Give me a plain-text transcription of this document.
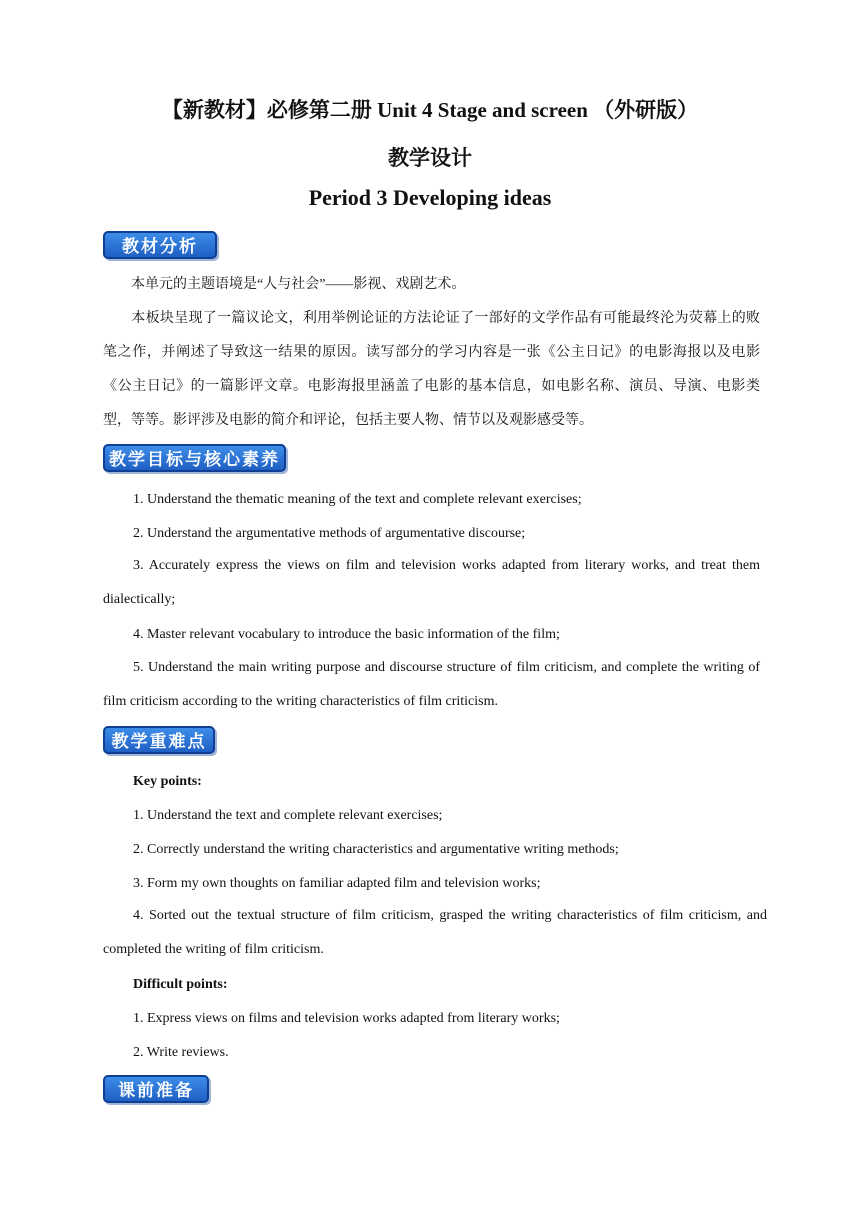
【新教材】必修第二册 Unit 4 Stage and screen （外研版）
教学设计
Period 3 Developing ideas
教材分析

本单元的主题语境是“人与社会”——影视、戏剧艺术。

本板块呈现了一篇议论文，利用举例论证的方法论证了一部好的文学作品有可能最终沦为荧幕上的败笔之作，并阐述了导致这一结果的原因。读写部分的学习内容是一张《公主日记》的电影海报以及电影《公主日记》的一篇影评文章。电影海报里涵盖了电影的基本信息，如电影名称、演员、导演、电影类型，等等。影评涉及电影的简介和评论，包括主要人物、情节以及观影感受等。

教学目标与核心素养
1. Understand the thematic meaning of the text and complete relevant exercises;
2. Understand the argumentative methods of argumentative discourse;

3. Accurately express the views on film and television works adapted from literary works, and treat them dialectically;

4. Master relevant vocabulary to introduce the basic information of the film;

5. Understand the main writing purpose and discourse structure of film criticism, and complete the writing of film criticism according to the writing characteristics of film criticism.

教学重难点
Key points:
1. Understand the text and complete relevant exercises;
2. Correctly understand the writing characteristics and argumentative writing methods;
3. Form my own thoughts on familiar adapted film and television works;

4. Sorted out the textual structure of film criticism, grasped the writing characteristics of film criticism, and completed the writing of film criticism.

Difficult points:
1. Express views on films and television works adapted from literary works;
2. Write reviews.
课前准备
